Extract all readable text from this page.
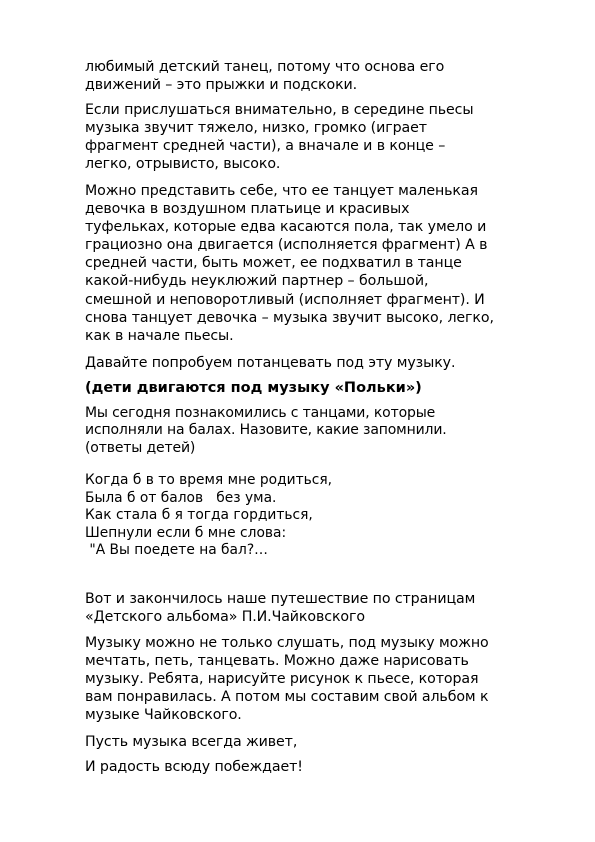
любимый детский танец, потому что основа его
движений – это прыжки и подскоки.

Если прислушаться внимательно, в середине пьесы
музыка звучит тяжело, низко, громко (играет
фрагмент средней части), а вначале и в конце –
легко, отрывисто, высоко.

Можно представить себе, что ее танцует маленькая
девочка в воздушном платьице и красивых
туфельках, которые едва касаются пола, так умело и
грациозно она двигается (исполняется фрагмент) А в
средней части, быть может, ее подхватил в танце
какой-нибудь неуклюжий партнер – большой,
смешной и неповоротливый (исполняет фрагмент). И
снова танцует девочка – музыка звучит высоко, легко,
как в начале пьесы.

Давайте попробуем потанцевать под эту музыку.

(дети двигаются под музыку «Польки»)

Мы сегодня познакомились с танцами, которые
исполняли на балах. Назовите, какие запомнили.
(ответы детей)

Когда б в то время мне родиться,
Была б от балов   без ума.
Как стала б я тогда гордиться,
Шепнули если б мне слова:
"А Вы поедете на бал?…

Вот и закончилось наше путешествие по страницам
«Детского альбома» П.И.Чайковского

Музыку можно не только слушать, под музыку можно
мечтать, петь, танцевать. Можно даже нарисовать
музыку. Ребята, нарисуйте рисунок к пьесе, которая
вам понравилась. А потом мы составим свой альбом к
музыке Чайковского.

Пусть музыка всегда живет,

И радость всюду побеждает!
